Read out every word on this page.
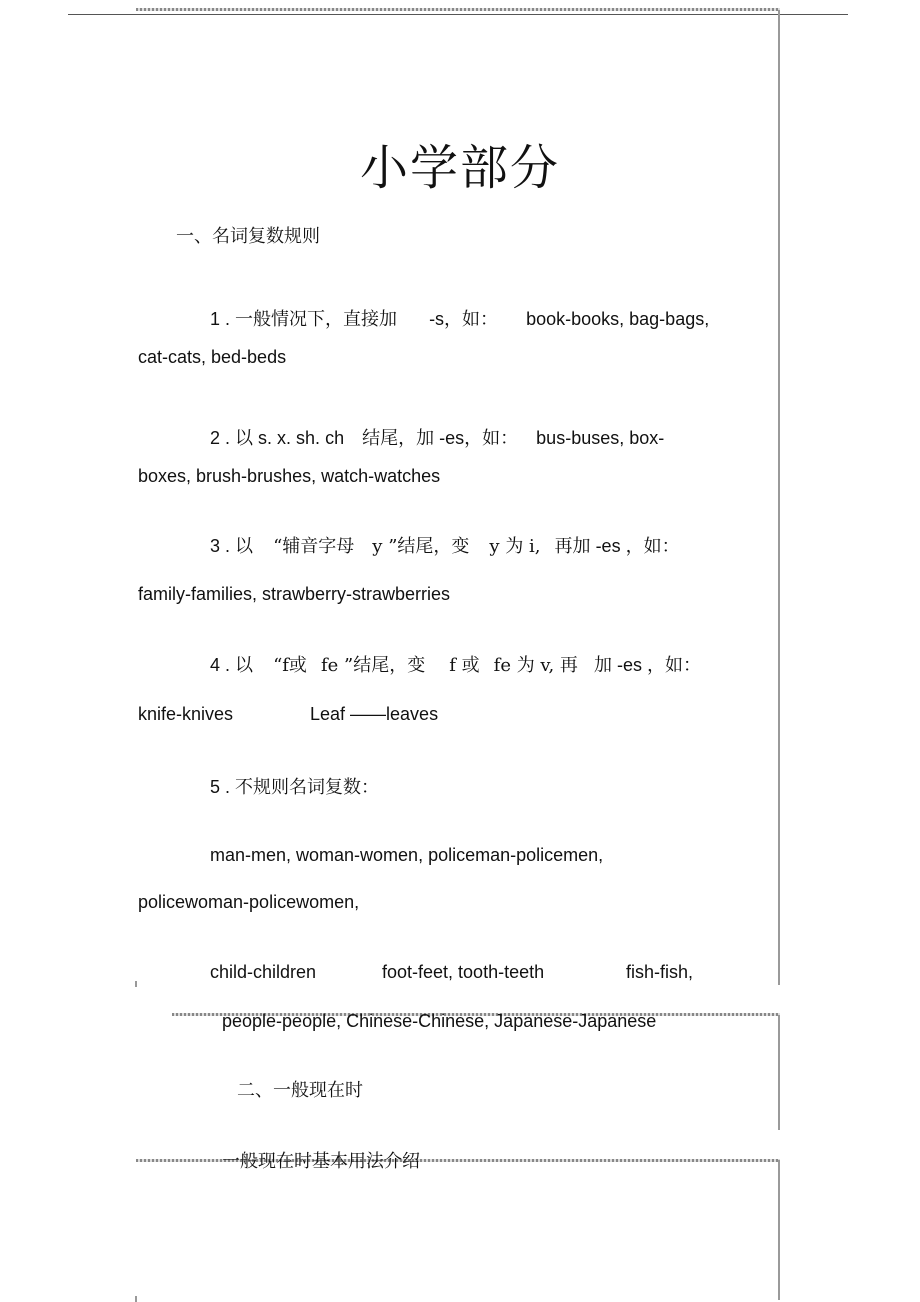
小学部分
一、名词复数规则
1 . 一般情况下，直接加 -s，如： book-books, bag-bags,
cat-cats, bed-beds
2 . 以 s. x. sh. ch 结尾，加 -es，如： bus-buses, box-
boxes, brush-brushes, watch-watches
3 . 以 “辅音字母 y ”结尾，变 y 为 i, 再加 -es ，如：
family-families, strawberry-strawberries
4 . 以 “f或 fe ”结尾，变 f 或 fe 为 v, 再 加 -es ，如：
knife-knives	Leaf ——leaves
5 . 不规则名词复数：
man-men, woman-women, policeman-policemen,
policewoman-policewomen,
child-children	foot-feet, tooth-teeth	fish-fish,
people-people, Chinese-Chinese, Japanese-Japanese
二、一般现在时
一般现在时基本用法介绍
